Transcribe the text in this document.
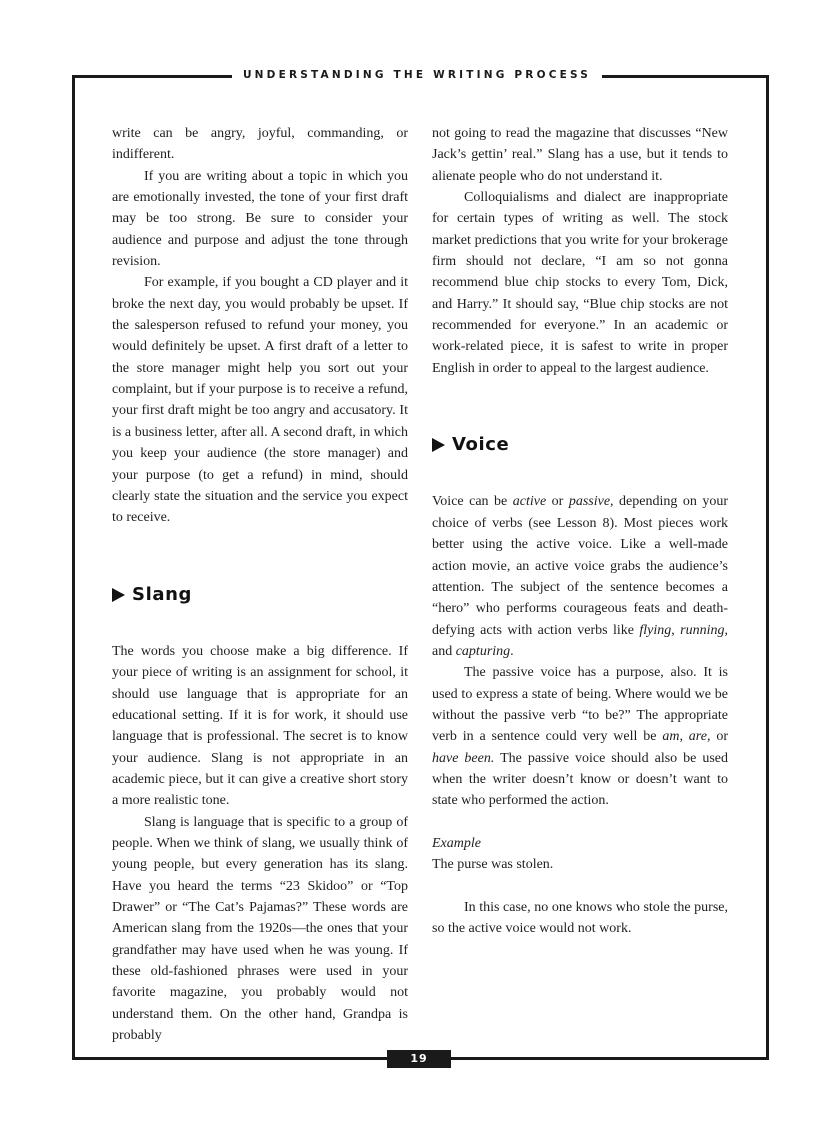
UNDERSTANDING THE WRITING PROCESS
19

write can be angry, joyful, commanding, or indifferent.

If you are writing about a topic in which you are emotionally invested, the tone of your first draft may be too strong. Be sure to consider your audience and purpose and adjust the tone through revision.

For example, if you bought a CD player and it broke the next day, you would probably be upset. If the salesperson refused to refund your money, you would definitely be upset. A first draft of a letter to the store manager might help you sort out your complaint, but if your purpose is to receive a refund, your first draft might be too angry and accusatory. It is a business letter, after all. A second draft, in which you keep your audience (the store manager) and your purpose (to get a refund) in mind, should clearly state the situation and the service you expect to receive.

Slang

The words you choose make a big difference. If your piece of writing is an assignment for school, it should use language that is appropriate for an educational setting. If it is for work, it should use language that is professional. The secret is to know your audience. Slang is not appropriate in an academic piece, but it can give a creative short story a more realistic tone.

Slang is language that is specific to a group of people. When we think of slang, we usually think of young people, but every generation has its slang. Have you heard the terms “23 Skidoo” or “Top Drawer” or “The Cat’s Pajamas?” These words are American slang from the 1920s—the ones that your grandfather may have used when he was young. If these old-fashioned phrases were used in your favorite magazine, you probably would not understand them. On the other hand, Grandpa is probably

not going to read the magazine that discusses “New Jack’s gettin’ real.” Slang has a use, but it tends to alienate people who do not understand it.

Colloquialisms and dialect are inappropriate for certain types of writing as well. The stock market predictions that you write for your brokerage firm should not declare, “I am so not gonna recommend blue chip stocks to every Tom, Dick, and Harry.” It should say, “Blue chip stocks are not recommended for everyone.” In an academic or work-related piece, it is safest to write in proper English in order to appeal to the largest audience.

Voice

Voice can be active or passive, depending on your choice of verbs (see Lesson 8). Most pieces work better using the active voice. Like a well-made action movie, an active voice grabs the audience’s attention. The subject of the sentence becomes a “hero” who performs courageous feats and death-defying acts with action verbs like flying, running, and capturing.

The passive voice has a purpose, also. It is used to express a state of being. Where would we be without the passive verb “to be?” The appropriate verb in a sentence could very well be am, are, or have been. The passive voice should also be used when the writer doesn’t know or doesn’t want to state who performed the action.

Example

The purse was stolen.

In this case, no one knows who stole the purse, so the active voice would not work.
